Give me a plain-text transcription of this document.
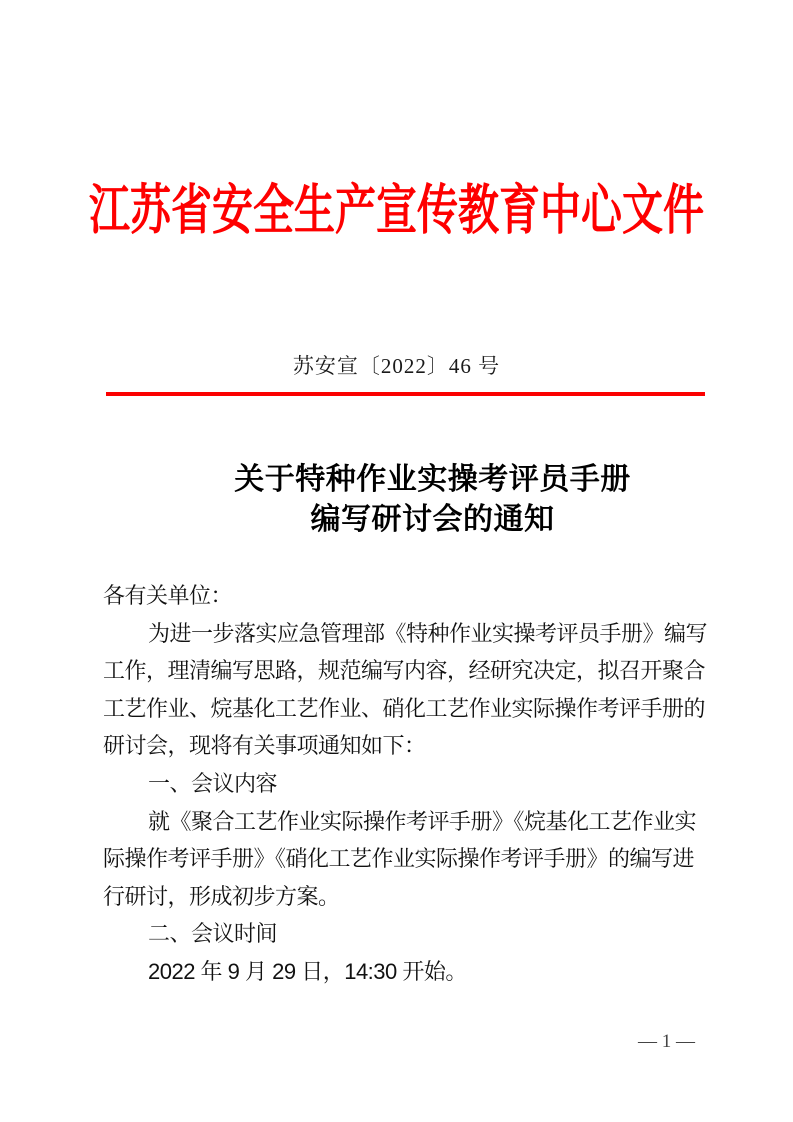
江苏省安全生产宣传教育中心文件
苏安宣〔2022〕46 号
关于特种作业实操考评员手册
编写研讨会的通知
各有关单位：
为进一步落实应急管理部《特种作业实操考评员手册》编写
工作，理清编写思路，规范编写内容，经研究决定，拟召开聚合
工艺作业、烷基化工艺作业、硝化工艺作业实际操作考评手册的
研讨会，现将有关事项通知如下：
一、会议内容
就《聚合工艺作业实际操作考评手册》《烷基化工艺作业实
际操作考评手册》《硝化工艺作业实际操作考评手册》的编写进
行研讨，形成初步方案。
二、会议时间
2022 年 9 月 29 日，14:30 开始。
— 1 —
